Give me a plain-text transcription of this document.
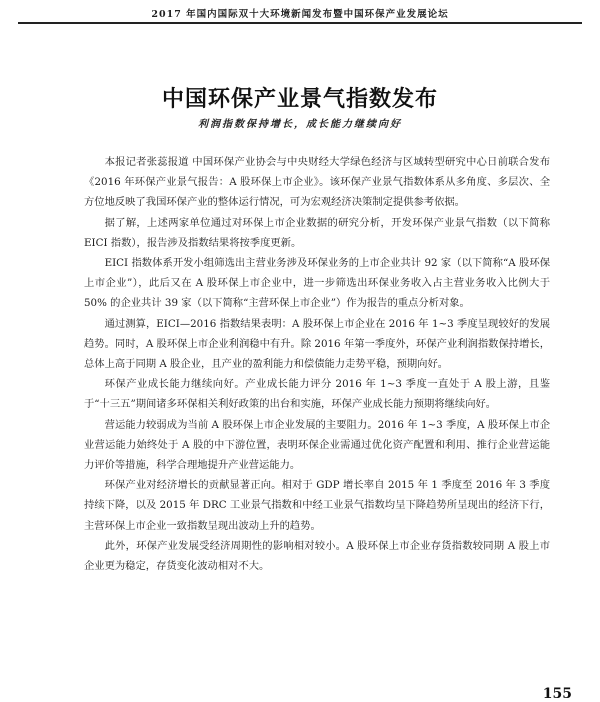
2017 年国内国际双十大环境新闻发布暨中国环保产业发展论坛
中国环保产业景气指数发布
利润指数保持增长，成长能力继续向好

本报记者张蕊报道 中国环保产业协会与中央财经大学绿色经济与区域转型研究中心日前联合发布《2016 年环保产业景气报告：A 股环保上市企业》。该环保产业景气指数体系从多角度、多层次、全方位地反映了我国环保产业的整体运行情况，可为宏观经济决策制定提供参考依据。

据了解，上述两家单位通过对环保上市企业数据的研究分析，开发环保产业景气指数（以下简称 EICI 指数），报告涉及指数结果将按季度更新。

EICI 指数体系开发小组筛选出主营业务涉及环保业务的上市企业共计 92 家（以下简称“A 股环保上市企业”），此后又在 A 股环保上市企业中，进一步筛选出环保业务收入占主营业务收入比例大于 50% 的企业共计 39 家（以下简称“主营环保上市企业”）作为报告的重点分析对象。

通过测算，EICI—2016 指数结果表明：A 股环保上市企业在 2016 年 1~3 季度呈现较好的发展趋势。同时，A 股环保上市企业利润稳中有升。除 2016 年第一季度外，环保产业利润指数保持增长，总体上高于同期 A 股企业，且产业的盈利能力和偿债能力走势平稳，预期向好。

环保产业成长能力继续向好。产业成长能力评分 2016 年 1~3 季度一直处于 A 股上游，且鉴于“十三五”期间诸多环保相关利好政策的出台和实施，环保产业成长能力预期将继续向好。

营运能力较弱成为当前 A 股环保上市企业发展的主要阻力。2016 年 1~3 季度，A 股环保上市企业营运能力始终处于 A 股的中下游位置，表明环保企业需通过优化资产配置和利用、推行企业营运能力评价等措施，科学合理地提升产业营运能力。

环保产业对经济增长的贡献显著正向。相对于 GDP 增长率自 2015 年 1 季度至 2016 年 3 季度持续下降，以及 2015 年 DRC 工业景气指数和中经工业景气指数均呈下降趋势所呈现出的经济下行，主营环保上市企业一致指数呈现出波动上升的趋势。

此外，环保产业发展受经济周期性的影响相对较小。A 股环保上市企业存货指数较同期 A 股上市企业更为稳定，存货变化波动相对不大。

155
